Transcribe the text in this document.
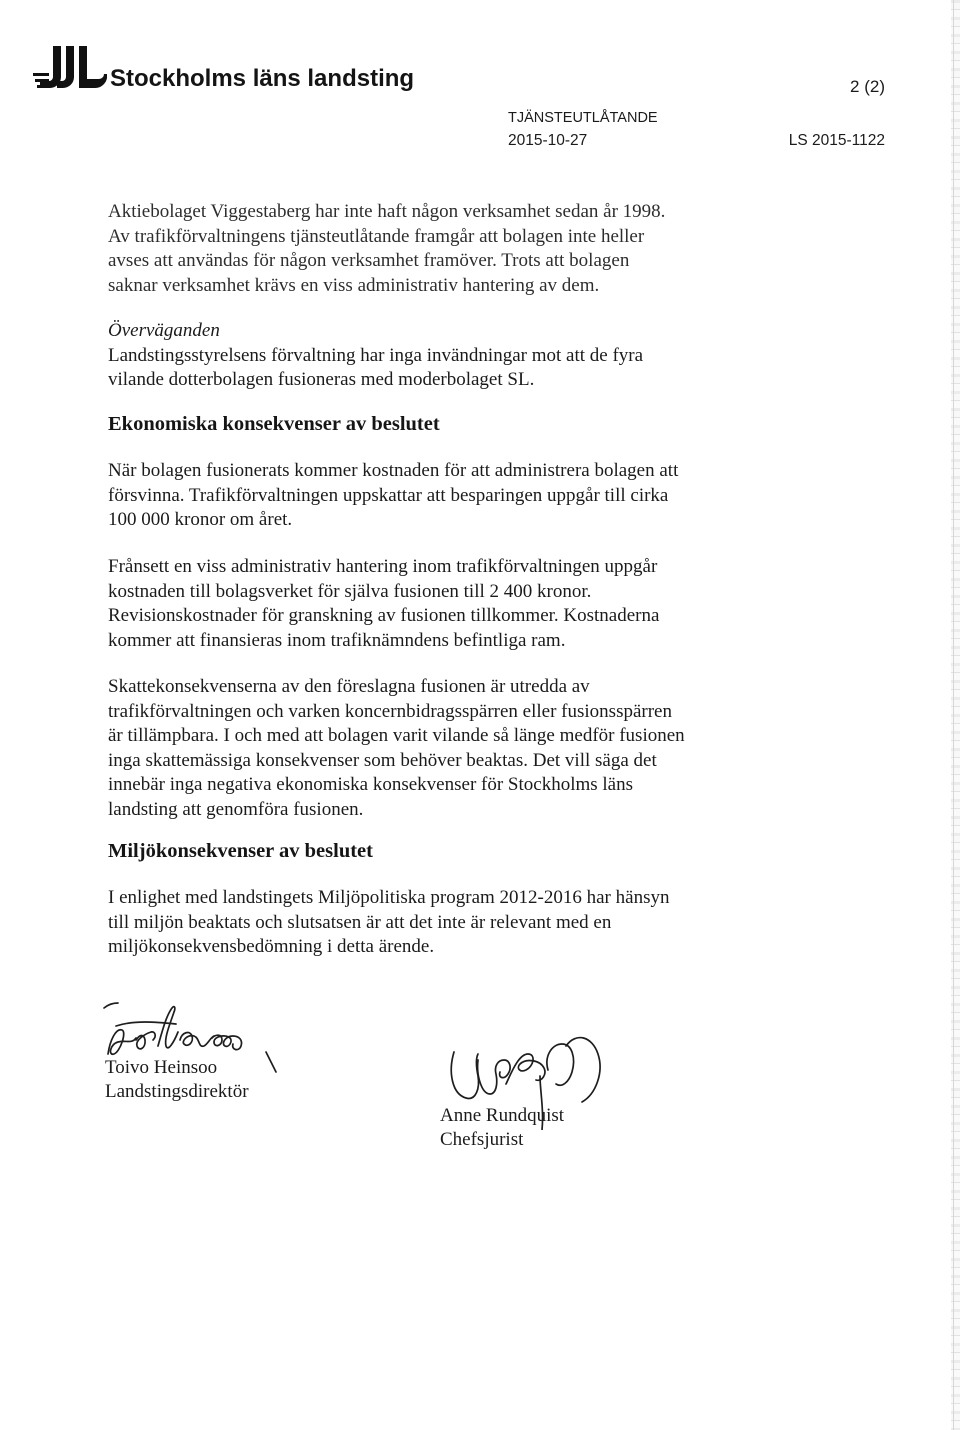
Stockholms läns landsting	2 (2)
TJÄNSTEUTLÅTANDE
2015-10-27	LS 2015-1122
Aktiebolaget Viggestaberg har inte haft någon verksamhet sedan år 1998.
Av trafikförvaltningens tjänsteutlåtande framgår att bolagen inte heller
avses att användas för någon verksamhet framöver. Trots att bolagen
saknar verksamhet krävs en viss administrativ hantering av dem.
Överväganden
Landstingsstyrelsens förvaltning har inga invändningar mot att de fyra
vilande dotterbolagen fusioneras med moderbolaget SL.
Ekonomiska konsekvenser av beslutet
När bolagen fusionerats kommer kostnaden för att administrera bolagen att
försvinna. Trafikförvaltningen uppskattar att besparingen uppgår till cirka
100 000 kronor om året.
Frånsett en viss administrativ hantering inom trafikförvaltningen uppgår
kostnaden till bolagsverket för själva fusionen till 2 400 kronor.
Revisionskostnader för granskning av fusionen tillkommer. Kostnaderna
kommer att finansieras inom trafiknämndens befintliga ram.
Skattekonsekvenserna av den föreslagna fusionen är utredda av
trafikförvaltningen och varken koncernbidragsspärren eller fusionsspärren
är tillämpbara. I och med att bolagen varit vilande så länge medför fusionen
inga skattemässiga konsekvenser som behöver beaktas. Det vill säga det
innebär inga negativa ekonomiska konsekvenser för Stockholms läns
landsting att genomföra fusionen.
Miljökonsekvenser av beslutet
I enlighet med landstingets Miljöpolitiska program 2012-2016 har hänsyn
till miljön beaktats och slutsatsen är att det inte är relevant med en
miljökonsekvensbedömning i detta ärende.
Toivo Heinsoo
Landstingsdirektör
Anne Rundquist
Chefsjurist
